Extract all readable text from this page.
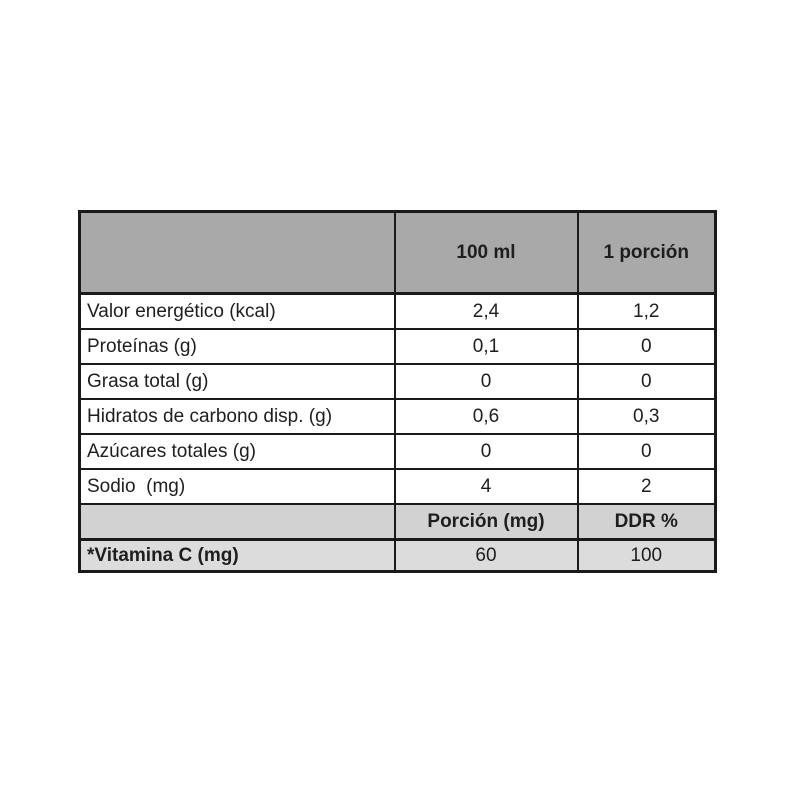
	100 ml	1 porción
Valor energético (kcal)	2,4	1,2
Proteínas (g)	0,1	0
Grasa total (g)	0	0
Hidratos de carbono disp. (g)	0,6	0,3
Azúcares totales (g)	0	0
Sodio  (mg)	4	2
	Porción (mg)	DDR %
*Vitamina C (mg)	60	100
